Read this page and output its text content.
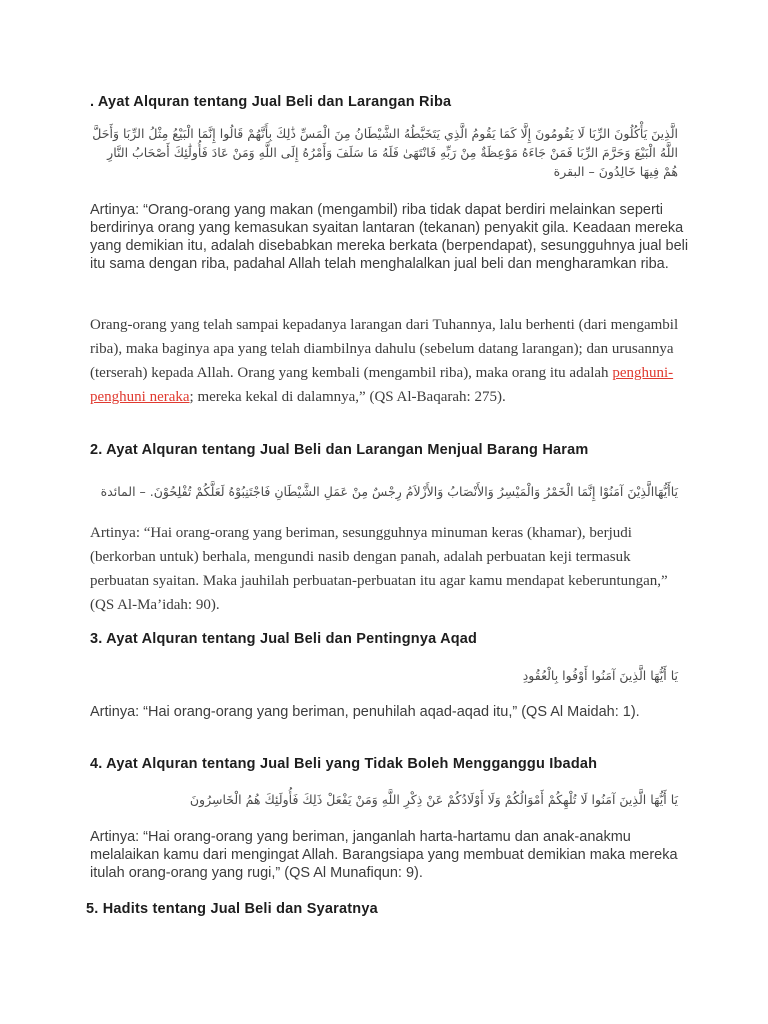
. Ayat Alquran tentang Jual Beli dan Larangan Riba

الَّذِينَ يَأْكُلُونَ الرِّبَا لَا يَقُومُونَ إِلَّا كَمَا يَقُومُ الَّذِي يَتَخَبَّطُهُ الشَّيْطَانُ مِنَ الْمَسِّ ذَٰلِكَ بِأَنَّهُمْ قَالُوا إِنَّمَا الْبَيْعُ مِثْلُ الرِّبَا وَأَحَلَّ اللَّهُ الْبَيْعَ وَحَرَّمَ الرِّبَا فَمَنْ جَاءَهُ مَوْعِظَةٌ مِنْ رَبِّهِ فَانْتَهَىٰ فَلَهُ مَا سَلَفَ وَأَمْرُهُ إِلَى اللَّهِ وَمَنْ عَادَ فَأُولَٰئِكَ أَصْحَابُ النَّارِ هُمْ فِيهَا خَالِدُونَ – البقرة

Artinya: “Orang-orang yang makan (mengambil) riba tidak dapat berdiri melainkan seperti berdirinya orang yang kemasukan syaitan lantaran (tekanan) penyakit gila. Keadaan mereka yang demikian itu, adalah disebabkan mereka berkata (berpendapat), sesungguhnya jual beli itu sama dengan riba, padahal Allah telah menghalalkan jual beli dan mengharamkan riba.

Orang-orang yang telah sampai kepadanya larangan dari Tuhannya, lalu berhenti (dari mengambil riba), maka baginya apa yang telah diambilnya dahulu (sebelum datang larangan); dan urusannya (terserah) kepada Allah. Orang yang kembali (mengambil riba), maka orang itu adalah penghuni-penghuni neraka; mereka kekal di dalamnya,” (QS Al-Baqarah: 275).

2. Ayat Alquran tentang Jual Beli dan Larangan Menjual Barang Haram

يَاأَيُّهَاالَّذِيْنَ آمَنُوْا إِنَّمَا الْخَمْرُ وَالْمَيْسِرُ وَالأَنْصَابُ وَالأَزْلاَمُ رِجْسٌ مِنْ عَمَلِ الشَّيْطَانِ فَاجْتَنِبُوْهُ لَعَلَّكُمْ تُفْلِحُوْنَ. – المائدة

Artinya: “Hai orang-orang yang beriman, sesungguhnya minuman keras (khamar), berjudi (berkorban untuk) berhala, mengundi nasib dengan panah, adalah perbuatan keji termasuk perbuatan syaitan. Maka jauhilah perbuatan-perbuatan itu agar kamu mendapat keberuntungan,” (QS Al-Ma’idah: 90).

3. Ayat Alquran tentang Jual Beli dan Pentingnya Aqad

يَا أَيُّهَا الَّذِينَ آمَنُوا أَوْفُوا بِالْعُقُودِ

Artinya: “Hai orang-orang yang beriman, penuhilah aqad-aqad itu,” (QS Al Maidah: 1).

4. Ayat Alquran tentang Jual Beli yang Tidak Boleh Mengganggu Ibadah

يَا أَيُّهَا الَّذِينَ آمَنُوا لَا تُلْهِكُمْ أَمْوَالُكُمْ وَلَا أَوْلَادُكُمْ عَنْ ذِكْرِ اللَّهِ وَمَنْ يَفْعَلْ ذَلِكَ فَأُولَئِكَ هُمُ الْخَاسِرُونَ

Artinya: “Hai orang-orang yang beriman, janganlah harta-hartamu dan anak-anakmu melalaikan kamu dari mengingat Allah. Barangsiapa yang membuat demikian maka mereka itulah orang-orang yang rugi,” (QS Al Munafiqun: 9).

5. Hadits tentang Jual Beli dan Syaratnya
